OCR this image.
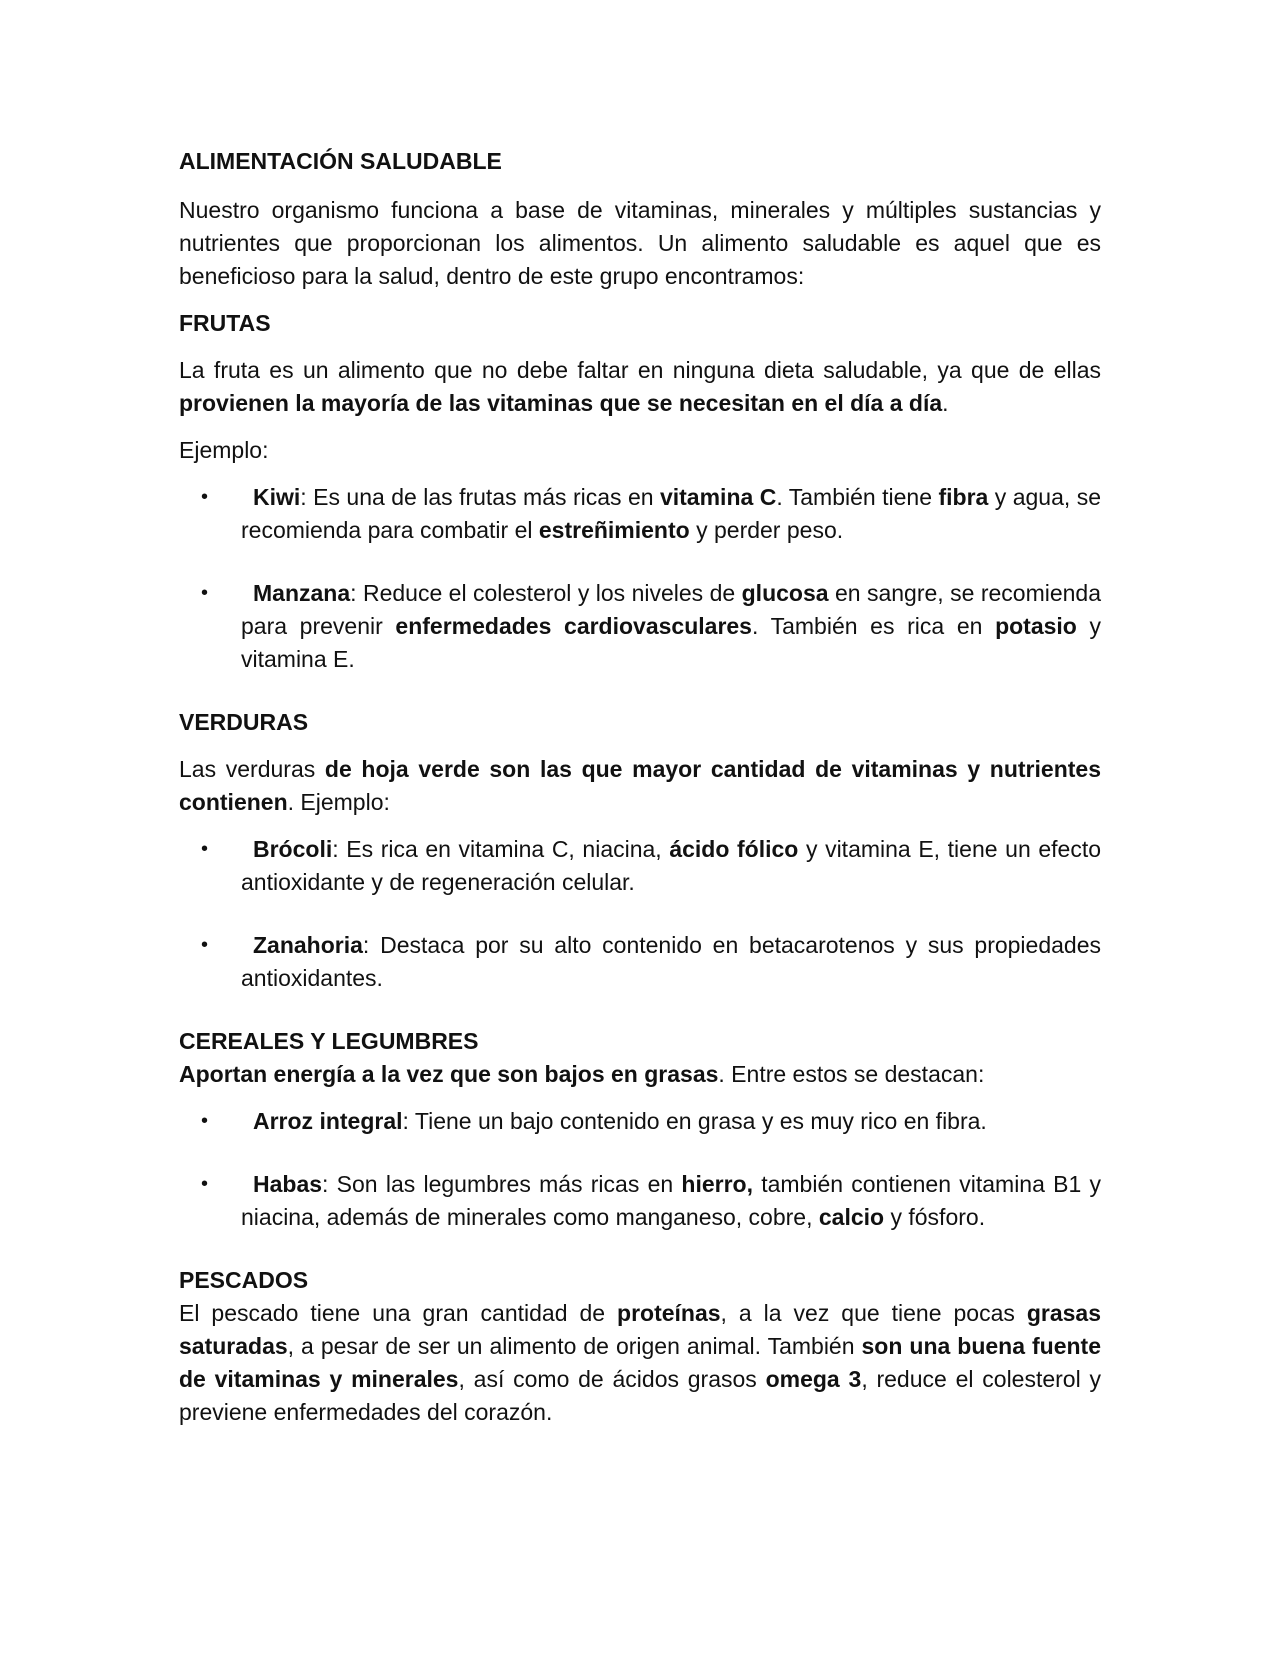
ALIMENTACIÓN SALUDABLE

Nuestro organismo funciona a base de vitaminas, minerales y múltiples sustancias y nutrientes que proporcionan los alimentos. Un alimento saludable es aquel que es beneficioso para la salud, dentro de este grupo encontramos:

FRUTAS

La fruta es un alimento que no debe faltar en ninguna dieta saludable, ya que de ellas provienen la mayoría de las vitaminas que se necesitan en el día a día.

Ejemplo:

• Kiwi: Es una de las frutas más ricas en vitamina C. También tiene fibra y agua, se recomienda para combatir el estreñimiento y perder peso.
• Manzana: Reduce el colesterol y los niveles de glucosa en sangre, se recomienda para prevenir enfermedades cardiovasculares. También es rica en potasio y vitamina E.
VERDURAS

Las verduras de hoja verde son las que mayor cantidad de vitaminas y nutrientes contienen. Ejemplo:

• Brócoli: Es rica en vitamina C, niacina, ácido fólico y vitamina E, tiene un efecto antioxidante y de regeneración celular.
• Zanahoria: Destaca por su alto contenido en betacarotenos y sus propiedades antioxidantes.
CEREALES Y LEGUMBRES

Aportan energía a la vez que son bajos en grasas. Entre estos se destacan:

• Arroz integral: Tiene un bajo contenido en grasa y es muy rico en fibra.
• Habas: Son las legumbres más ricas en hierro, también contienen vitamina B1 y niacina, además de minerales como manganeso, cobre, calcio y fósforo.
PESCADOS

El pescado tiene una gran cantidad de proteínas, a la vez que tiene pocas grasas saturadas, a pesar de ser un alimento de origen animal. También son una buena fuente de vitaminas y minerales, así como de ácidos grasos omega 3, reduce el colesterol y previene enfermedades del corazón.
